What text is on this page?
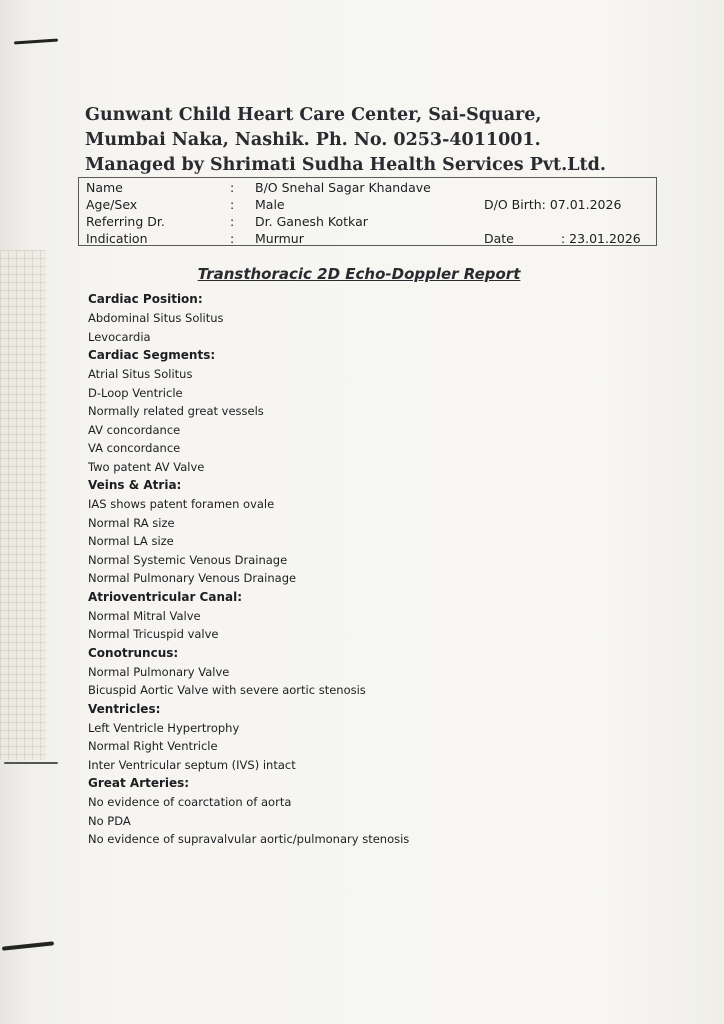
Gunwant Child Heart Care Center, Sai-Square,
Mumbai Naka, Nashik. Ph. No. 0253-4011001.
Managed by Shrimati Sudha Health Services Pvt.Ltd.
Name	: B/O Snehal Sagar Khandave
Age/Sex	: Male	D/O Birth: 07.01.2026
Referring Dr.	: Dr. Ganesh Kotkar
Indication	: Murmur	Date	: 23.01.2026
Transthoracic 2D Echo-Doppler Report
Cardiac Position:
Abdominal Situs Solitus
Levocardia
Cardiac Segments:
Atrial Situs Solitus
D-Loop Ventricle
Normally related great vessels
AV concordance
VA concordance
Two patent AV Valve
Veins & Atria:
IAS shows patent foramen ovale
Normal RA size
Normal LA size
Normal Systemic Venous Drainage
Normal Pulmonary Venous Drainage
Atrioventricular Canal:
Normal Mitral Valve
Normal Tricuspid valve
Conotruncus:
Normal Pulmonary Valve
Bicuspid Aortic Valve with severe aortic stenosis
Ventricles:
Left Ventricle Hypertrophy
Normal Right Ventricle
Inter Ventricular septum (IVS) intact
Great Arteries:
No evidence of coarctation of aorta
No PDA
No evidence of supravalvular aortic/pulmonary stenosis
